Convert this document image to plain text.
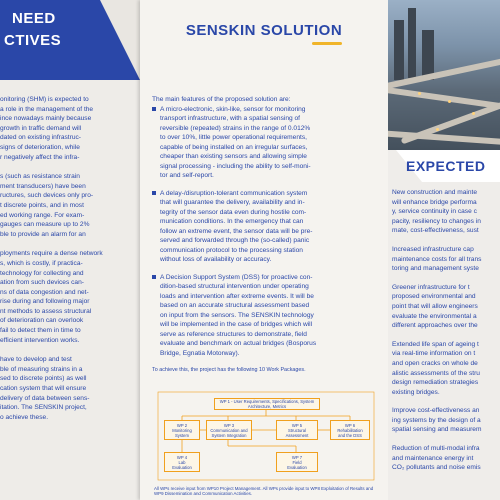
NEED
CTIVES
onitoring (SHM) is expected to
a role in the management of the
ince nowadays mainly because
growth in traffic demand will
dated on existing infrastruc-
signs of deterioration, while
r negatively affect the infra-
s (such as resistance strain
ment transducers) have been
ructures, such devices only pro-
t discrete points, and in most
ed working range. For exam-
gauges can measure up to 2%
ble to provide an alarm for an
ployments require a dense network
s, which is costly, if practica-
technology for collecting and
ation from such devices can-
ns of data congestion and net-
rise during and following major
nt methods to assess structural
of deterioration can overlook
fail to detect them in time to
efficient intervention works.
have to develop and test
ble of measuring strains in a
sed to discrete points) as well
cation system that will ensure
delivery of data between sens-
itation. The SENSKIN project,
o achieve these.
SENSKIN SOLUTION
The main features of the proposed solution are:
A micro-electronic, skin-like, sensor for monitoring
transport infrastructure, with a spatial sensing of
reversible (repeated) strains in the range of 0.012%
to over 10%, little power operational requirements,
capable of being installed on an irregular surfaces,
cheaper than existing sensors and allowing simple
signal processing - including the ability to self-moni-
tor and self-report.
A delay-/disruption-tolerant communication system
that will guarantee the delivery, availability and in-
tegrity of the sensor data even during hostile com-
munication conditions. In the emergency that can
follow an extreme event, the sensor data will be pre-
served and forwarded through the (so-called) panic
communication protocol to the processing station
without loss of availability or accuracy.
A Decision Support System (DSS) for proactive con-
dition-based structural intervention under operating
loads and intervention after extreme events. It will be
based on an accurate structural assessment based
on input from the sensors. The SENSKIN technology
will be implemented in the case of bridges which will
serve as reference structures to demonstrate, field
evaluate and benchmark on actual bridges (Bosporus
Bridge, Egnatia Motorway).
To achieve this, the project has the following 10 Work Packages.
WP 1 - User Requirements, Specifications, System Architecture, Metrics
WP 2
Monitoring
System
WP 3
Communication and
System Integration
WP 5
Structural
Assessment
WP 6
Rehabilitation
and the DSS
WP 4
Lab
Evaluation
WP 7
Field
Evaluation
All WPs receive input from WP10 Project Management. All WPs provide input to WP8 Exploitation of Results and WP9 Dissemination and Communication Activities.
EXPECTED
New construction and mainte
will enhance bridge performa
y, service continuity in case c
pacity, resiliency to changes in
mate, cost-effectiveness, sust
Increased infrastructure cap
maintenance costs for all trans
toring and management syste
Greener infrastructure for t
proposed environmental and
point that will allow engineers
evaluate the environmental a
different approaches over the
Extended life span of ageing t
via real-time information on t
and open cracks on whole de
alistic assessments of the stru
design remediation strategies
existing bridges.
Improve cost-effectiveness an
ing systems by the design of a
spatial sensing and measurem
Reduction of multi-modal infra
and maintenance energy int
CO₂ pollutants and noise emis
